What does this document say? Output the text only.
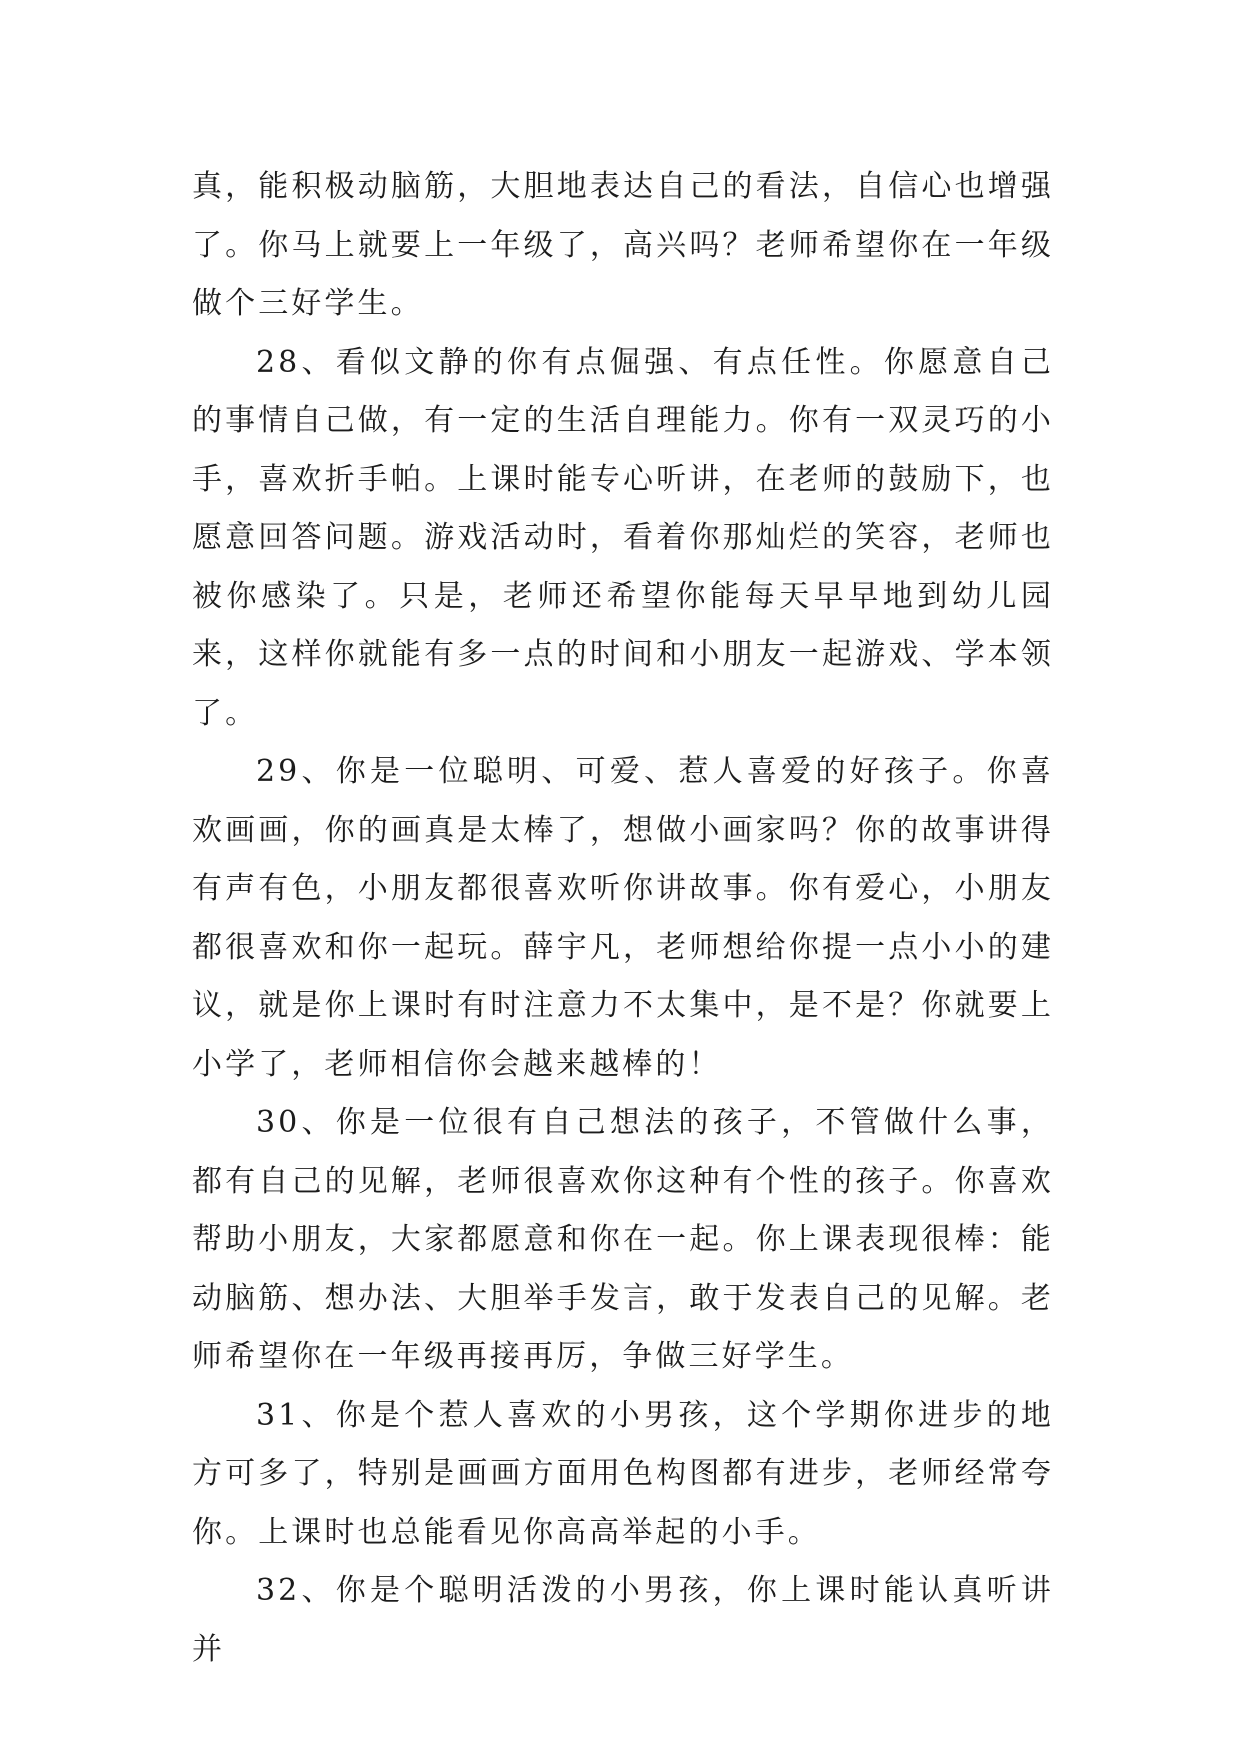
真，能积极动脑筋，大胆地表达自己的看法，自信心也增强了。你马上就要上一年级了，高兴吗？老师希望你在一年级做个三好学生。

28、看似文静的你有点倔强、有点任性。你愿意自己的事情自己做，有一定的生活自理能力。你有一双灵巧的小手，喜欢折手帕。上课时能专心听讲，在老师的鼓励下，也愿意回答问题。游戏活动时，看着你那灿烂的笑容，老师也被你感染了。只是，老师还希望你能每天早早地到幼儿园来，这样你就能有多一点的时间和小朋友一起游戏、学本领了。

29、你是一位聪明、可爱、惹人喜爱的好孩子。你喜欢画画，你的画真是太棒了，想做小画家吗？你的故事讲得有声有色，小朋友都很喜欢听你讲故事。你有爱心，小朋友都很喜欢和你一起玩。薛宇凡，老师想给你提一点小小的建议，就是你上课时有时注意力不太集中，是不是？你就要上小学了，老师相信你会越来越棒的！

30、你是一位很有自己想法的孩子，不管做什么事，都有自己的见解，老师很喜欢你这种有个性的孩子。你喜欢帮助小朋友，大家都愿意和你在一起。你上课表现很棒：能动脑筋、想办法、大胆举手发言，敢于发表自己的见解。老师希望你在一年级再接再厉，争做三好学生。

31、你是个惹人喜欢的小男孩，这个学期你进步的地方可多了，特别是画画方面用色构图都有进步，老师经常夸你。上课时也总能看见你高高举起的小手。

32、你是个聪明活泼的小男孩，你上课时能认真听讲并
